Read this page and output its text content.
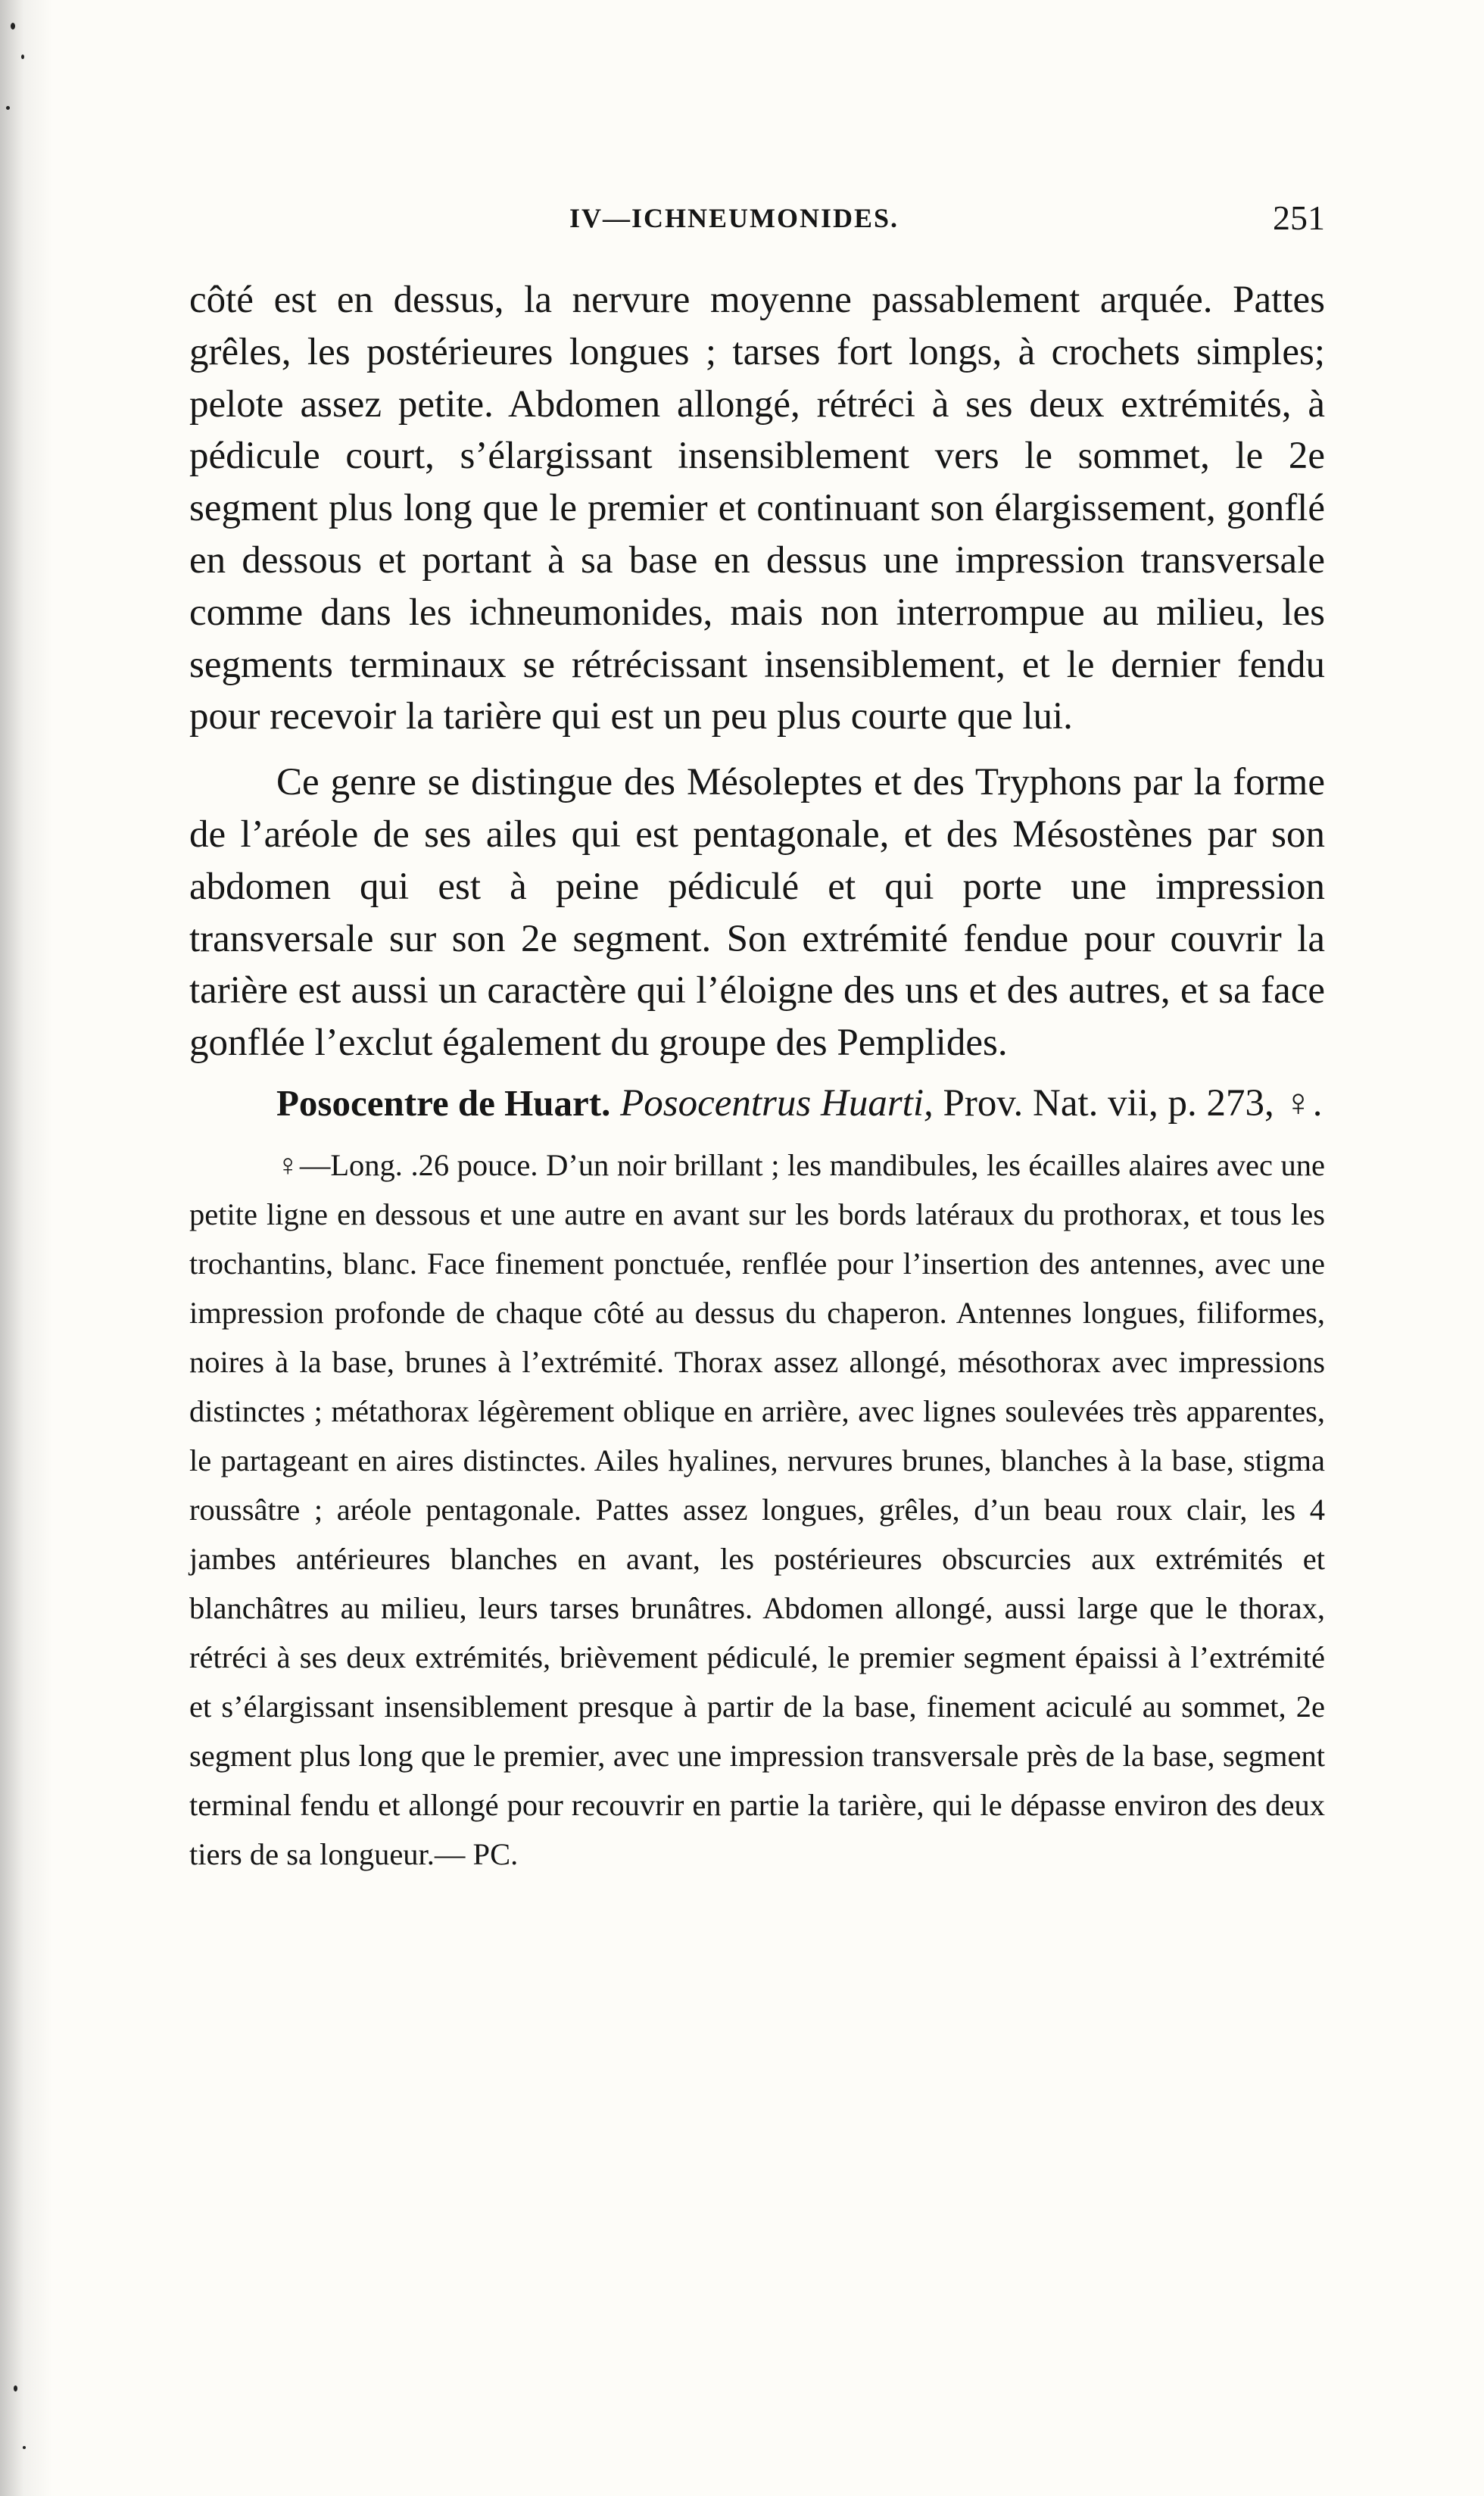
IV—ICHNEUMONIDES.	251

côté est en dessus, la nervure moyenne passablement arquée. Pattes grêles, les postérieures longues ; tarses fort longs, à crochets simples; pelote assez petite. Abdomen allongé, rétréci à ses deux extrémités, à pédicule court, s’élargissant insensiblement vers le sommet, le 2e segment plus long que le premier et continuant son élargissement, gonflé en dessous et portant à sa base en dessus une impression transversale comme dans les ichneumonides, mais non interrompue au milieu, les segments terminaux se rétrécissant insensiblement, et le dernier fendu pour recevoir la tarière qui est un peu plus courte que lui.

Ce genre se distingue des Mésoleptes et des Tryphons par la forme de l’aréole de ses ailes qui est pentagonale, et des Mésostènes par son abdomen qui est à peine pédiculé et qui porte une impression transversale sur son 2e segment. Son extrémité fendue pour couvrir la tarière est aussi un caractère qui l’éloigne des uns et des autres, et sa face gonflée l’exclut également du groupe des Pemplides.

Posocentre de Huart. Posocentrus Huarti, Prov. Nat. vii, p. 273, ♀.

♀—Long. .26 pouce. D’un noir brillant ; les mandibules, les écailles alaires avec une petite ligne en dessous et une autre en avant sur les bords latéraux du prothorax, et tous les trochantins, blanc. Face finement ponctuée, renflée pour l’insertion des antennes, avec une impression profonde de chaque côté au dessus du chaperon. Antennes longues, filiformes, noires à la base, brunes à l’extrémité. Thorax assez allongé, mésothorax avec impressions distinctes ; métathorax légèrement oblique en arrière, avec lignes soulevées très apparentes, le partageant en aires distinctes. Ailes hyalines, nervures brunes, blanches à la base, stigma roussâtre ; aréole pentagonale. Pattes assez longues, grêles, d’un beau roux clair, les 4 jambes antérieures blanches en avant, les postérieures obscurcies aux extrémités et blanchâtres au milieu, leurs tarses brunâtres. Abdomen allongé, aussi large que le thorax, rétréci à ses deux extrémités, brièvement pédiculé, le premier segment épaissi à l’extrémité et s’élargissant insensiblement presque à partir de la base, finement aciculé au sommet, 2e segment plus long que le premier, avec une impression transversale près de la base, segment terminal fendu et allongé pour recouvrir en partie la tarière, qui le dépasse environ des deux tiers de sa longueur.— PC.
